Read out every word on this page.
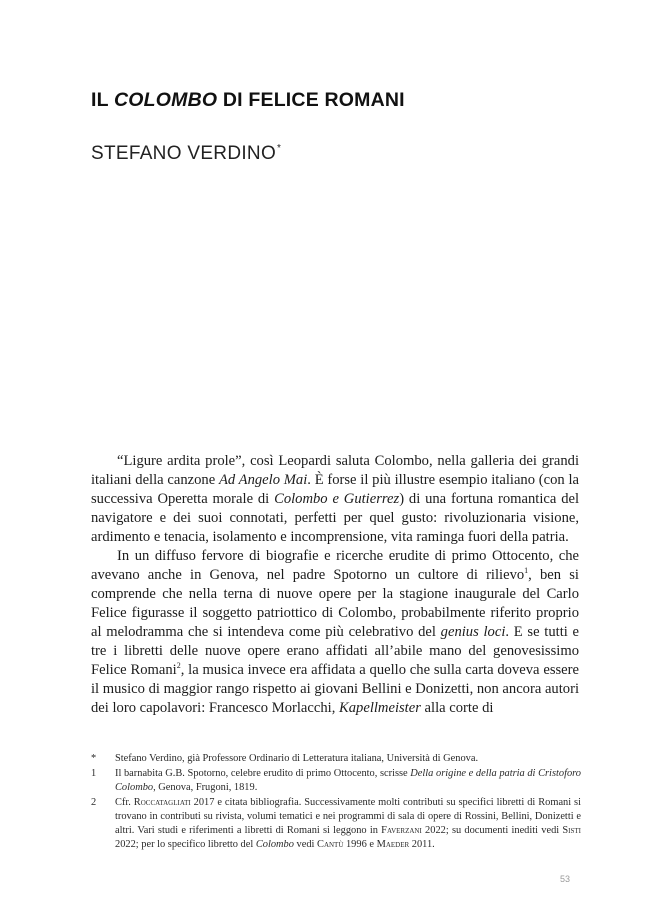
IL COLOMBO DI FELICE ROMANI
STEFANO VERDINO*

“Ligure ardita prole”, così Leopardi saluta Colombo, nella galleria dei grandi italiani della canzone Ad Angelo Mai. È forse il più illustre esempio italiano (con la successiva Operetta morale di Colombo e Gutierrez) di una fortuna romantica del navigatore e dei suoi connotati, perfetti per quel gusto: rivoluzionaria visione, ardimento e tenacia, isolamento e incomprensione, vita raminga fuori della patria.

In un diffuso fervore di biografie e ricerche erudite di primo Ottocento, che avevano anche in Genova, nel padre Spotorno un cultore di rilievo$^1$, ben si comprende che nella terna di nuove opere per la stagione inaugurale del Carlo Felice figurasse il soggetto patriottico di Colombo, probabilmente riferito proprio al melodramma che si intendeva come più celebrativo del genius loci. E se tutti e tre i libretti delle nuove opere erano affidati all’abile mano del genovesissimo Felice Romani$^2$, la musica invece era affidata a quello che sulla carta doveva essere il musico di maggior rango rispetto ai giovani Bellini e Donizetti, non ancora autori dei loro capolavori: Francesco Morlacchi, Kapellmeister alla corte di

*	Stefano Verdino, già Professore Ordinario di Letteratura italiana, Università di Genova.
1	Il barnabita G.B. Spotorno, celebre erudito di primo Ottocento, scrisse Della origine e della patria di Cristoforo Colombo, Genova, Frugoni, 1819.
2	Cfr. Roccatagliati 2017 e citata bibliografia. Successivamente molti contributi su specifici libretti di Romani si trovano in contributi su rivista, volumi tematici e nei programmi di sala di opere di Rossini, Bellini, Donizetti e altri. Vari studi e riferimenti a libretti di Romani si leggono in Faverzani 2022; su documenti inediti vedi Sisti 2022; per lo specifico libretto del Colombo vedi Cantù 1996 e Maeder 2011.
53
